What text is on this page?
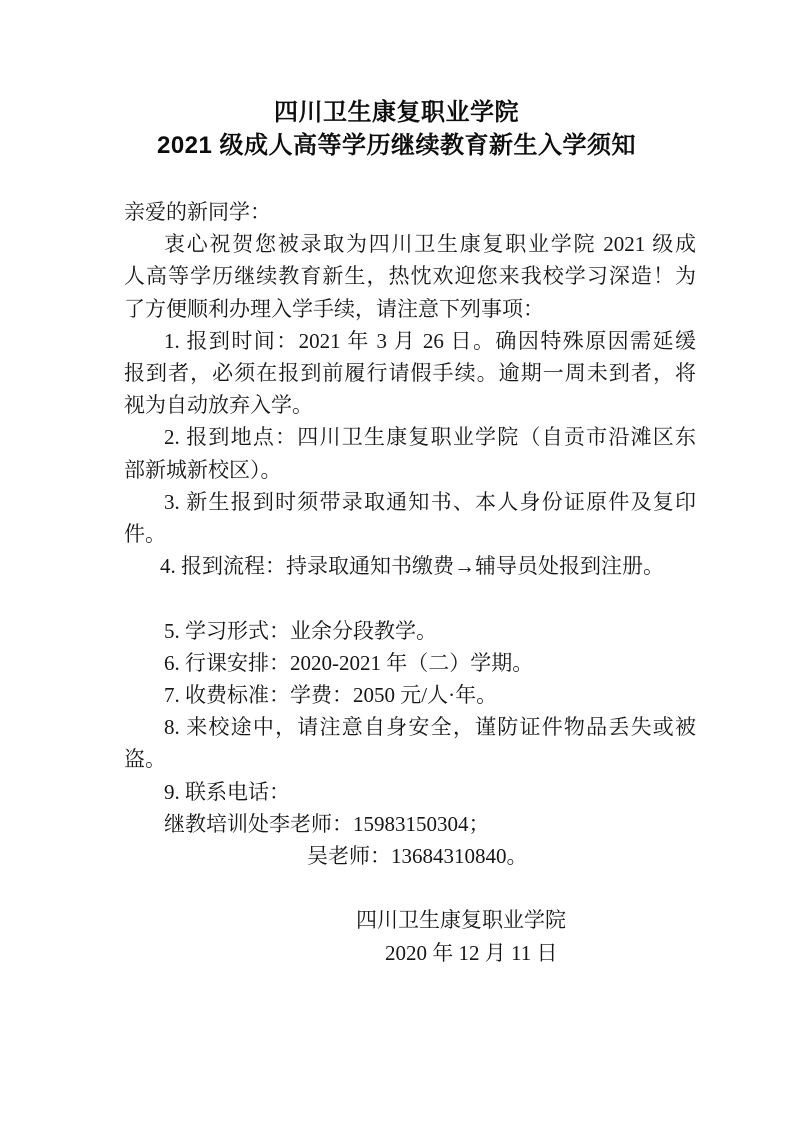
四川卫生康复职业学院
2021 级成人高等学历继续教育新生入学须知
亲爱的新同学：
衷心祝贺您被录取为四川卫生康复职业学院 2021 级成
人高等学历继续教育新生，热忱欢迎您来我校学习深造！为
了方便顺利办理入学手续，请注意下列事项：
1. 报到时间：2021 年 3 月 26 日。确因特殊原因需延缓
报到者，必须在报到前履行请假手续。逾期一周未到者，将
视为自动放弃入学。
2. 报到地点：四川卫生康复职业学院（自贡市沿滩区东
部新城新校区）。
3. 新生报到时须带录取通知书、本人身份证原件及复印
件。
4. 报到流程：持录取通知书缴费→辅导员处报到注册。

5. 学习形式：业余分段教学。
6. 行课安排：2020-2021 年（二）学期。
7. 收费标准：学费：2050 元/人·年。
8. 来校途中，请注意自身安全，谨防证件物品丢失或被
盗。
9. 联系电话：
继教培训处李老师：15983150304；
吴老师：13684310840。

四川卫生康复职业学院
2020 年 12 月 11 日
